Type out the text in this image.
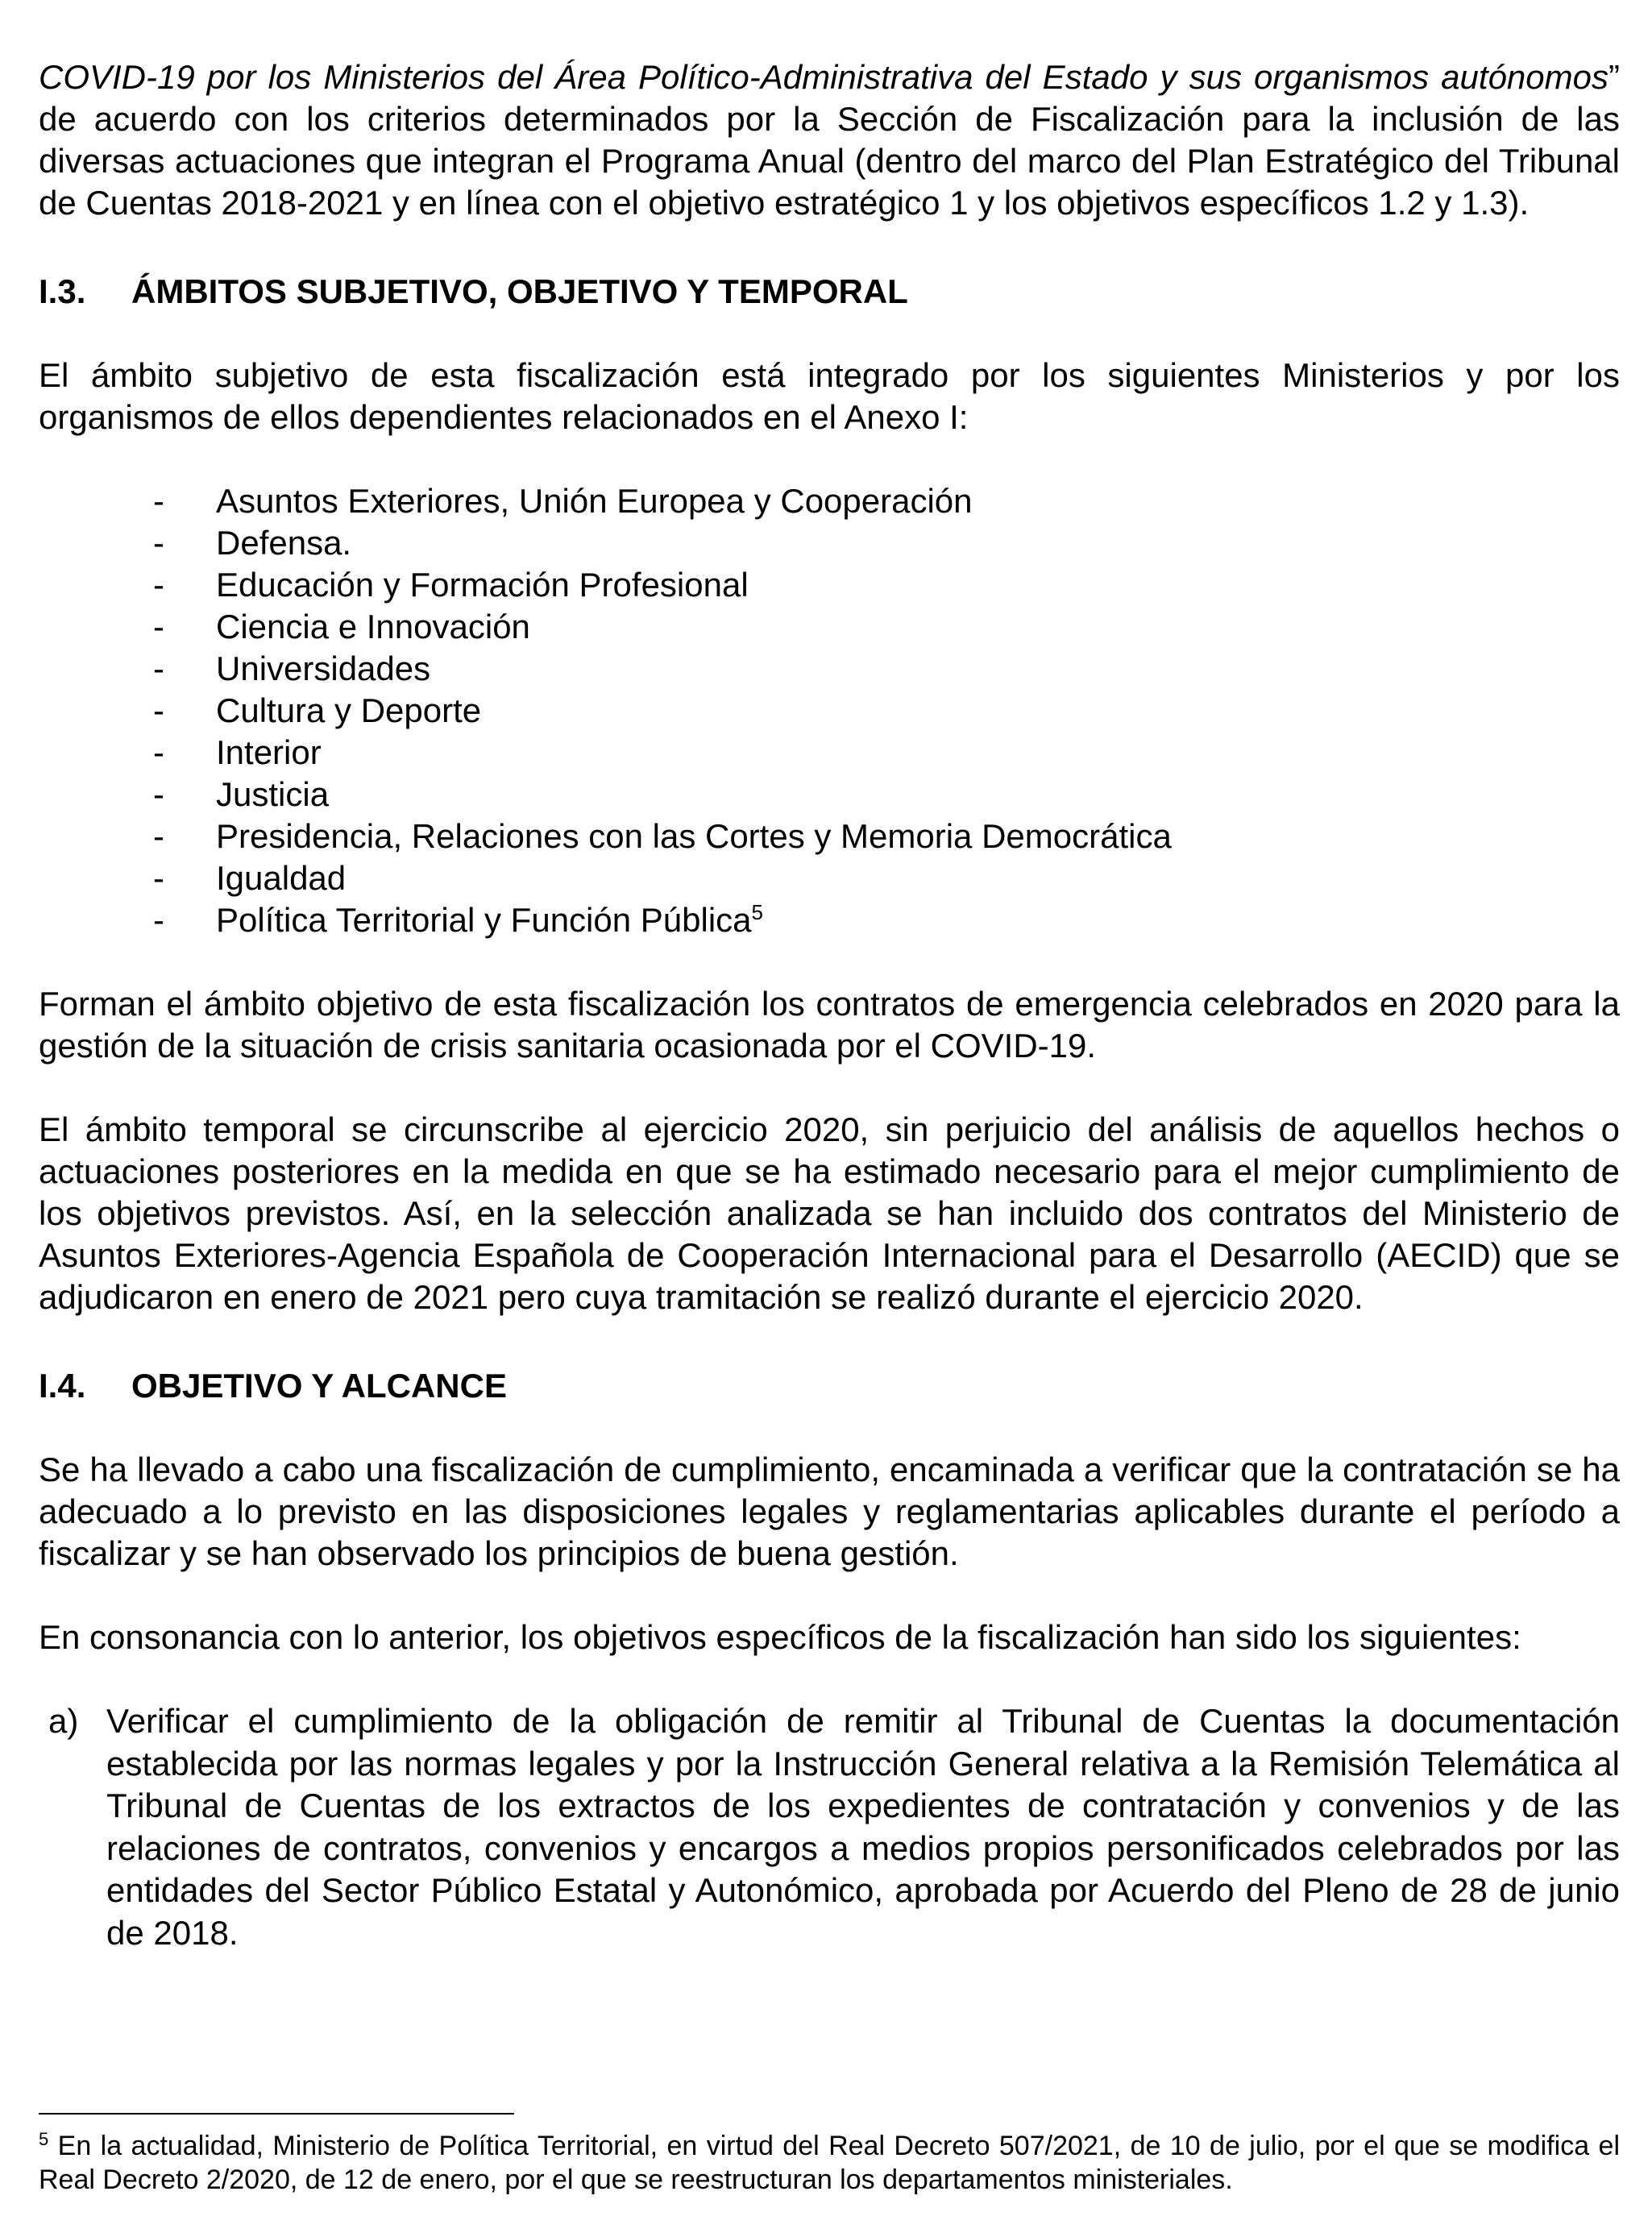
COVID-19 por los Ministerios del Área Político-Administrativa del Estado y sus organismos autónomos” de acuerdo con los criterios determinados por la Sección de Fiscalización para la inclusión de las diversas actuaciones que integran el Programa Anual (dentro del marco del Plan Estratégico del Tribunal de Cuentas 2018-2021 y en línea con el objetivo estratégico 1 y los objetivos específicos 1.2 y 1.3).

I.3.	ÁMBITOS SUBJETIVO, OBJETIVO Y TEMPORAL

El ámbito subjetivo de esta fiscalización está integrado por los siguientes Ministerios y por los organismos de ellos dependientes relacionados en el Anexo I:

-	Asuntos Exteriores, Unión Europea y Cooperación
-	Defensa.
-	Educación y Formación Profesional
-	Ciencia e Innovación
-	Universidades
-	Cultura y Deporte
-	Interior
-	Justicia
-	Presidencia, Relaciones con las Cortes y Memoria Democrática
-	Igualdad
-	Política Territorial y Función Pública$^5$

Forman el ámbito objetivo de esta fiscalización los contratos de emergencia celebrados en 2020 para la gestión de la situación de crisis sanitaria ocasionada por el COVID-19.

El ámbito temporal se circunscribe al ejercicio 2020, sin perjuicio del análisis de aquellos hechos o actuaciones posteriores en la medida en que se ha estimado necesario para el mejor cumplimiento de los objetivos previstos. Así, en la selección analizada se han incluido dos contratos del Ministerio de Asuntos Exteriores-Agencia Española de Cooperación Internacional para el Desarrollo (AECID) que se adjudicaron en enero de 2021 pero cuya tramitación se realizó durante el ejercicio 2020.

I.4.	OBJETIVO Y ALCANCE

Se ha llevado a cabo una fiscalización de cumplimiento, encaminada a verificar que la contratación se ha adecuado a lo previsto en las disposiciones legales y reglamentarias aplicables durante el período a fiscalizar y se han observado los principios de buena gestión.

En consonancia con lo anterior, los objetivos específicos de la fiscalización han sido los siguientes:

a) Verificar el cumplimiento de la obligación de remitir al Tribunal de Cuentas la documentación establecida por las normas legales y por la Instrucción General relativa a la Remisión Telemática al Tribunal de Cuentas de los extractos de los expedientes de contratación y convenios y de las relaciones de contratos, convenios y encargos a medios propios personificados celebrados por las entidades del Sector Público Estatal y Autonómico, aprobada por Acuerdo del Pleno de 28 de junio de 2018.

$^5$ En la actualidad, Ministerio de Política Territorial, en virtud del Real Decreto 507/2021, de 10 de julio, por el que se modifica el Real Decreto 2/2020, de 12 de enero, por el que se reestructuran los departamentos ministeriales.
